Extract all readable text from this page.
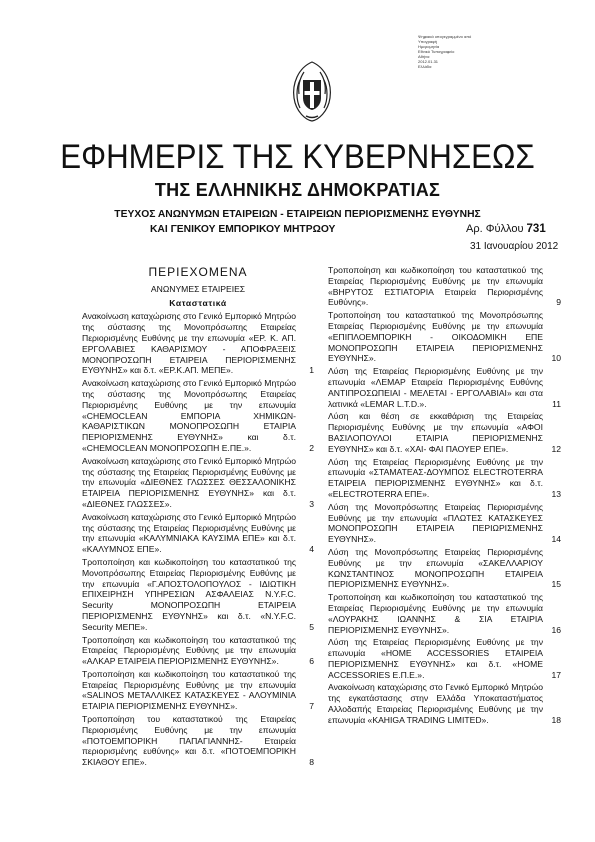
Ψηφιακά υπογεγραμμένο από
Υπογραφή
Ημερομηνία
Εθνικό Τυπογραφείο
Αθήνα
2012.01.31
Ελλάδα
ΕΦΗΜΕΡΙΣ ΤΗΣ ΚΥΒΕΡΝΗΣΕΩΣ
ΤΗΣ ΕΛΛΗΝΙΚΗΣ ΔΗΜΟΚΡΑΤΙΑΣ
ΤΕΥΧΟΣ ΑΝΩΝΥΜΩΝ ΕΤΑΙΡΕΙΩΝ - ΕΤΑΙΡΕΙΩΝ ΠΕΡΙΟΡΙΣΜΕΝΗΣ ΕΥΘΥΝΗΣ
ΚΑΙ ΓΕΝΙΚΟΥ ΕΜΠΟΡΙΚΟΥ ΜΗΤΡΩΟΥ	Αρ. Φύλλου 731
31 Ιανουαρίου 2012
ΠΕΡΙΕΧΟΜΕΝΑ
ΑΝΩΝΥΜΕΣ ΕΤΑΙΡΕΙΕΣ
Καταστατικά
Ανακοίνωση καταχώρισης στο Γενικό Εμπορικό Μητρώο της σύστασης της Μονοπρόσωπης Εταιρείας Περιορισμένης Ευθύνης με την επωνυμία «ΕΡ. Κ. ΑΠ. ΕΡΓΟΛΑΒΙΕΣ ΚΑΘΑΡΙΣΜΟΥ - ΑΠΟΦΡΑΞΕΙΣ ΜΟΝΟΠΡΟΣΩΠΗ ΕΤΑΙΡΕΙΑ ΠΕΡΙΟΡΙΣΜΕΝΗΣ ΕΥΘΥΝΗΣ» και δ.τ. «ΕΡ.Κ.ΑΠ. ΜΕΠΕ».	1
Ανακοίνωση καταχώρισης στο Γενικό Εμπορικό Μητρώο της σύστασης της Μονοπρόσωπης Εταιρείας Περιορισμένης Ευθύνης με την επωνυμία «CHEMOCLEAN ΕΜΠΟΡΙΑ ΧΗΜΙΚΩΝ-ΚΑΘΑΡΙΣΤΙΚΩΝ ΜΟΝΟΠΡΟΣΩΠΗ ΕΤΑΙΡΙΑ ΠΕΡΙΟΡΙΣΜΕΝΗΣ ΕΥΘΥΝΗΣ» και δ.τ. «CHEMOCLEAN ΜΟΝΟΠΡΟΣΩΠΗ Ε.ΠΕ.».	2
Ανακοίνωση καταχώρισης στο Γενικό Εμπορικό Μητρώο της σύστασης της Εταιρείας Περιορισμένης Ευθύνης με την επωνυμία «ΔΙΕΘΝΕΣ ΓΛΩΣΣΕΣ ΘΕΣΣΑΛΟΝΙΚΗΣ ΕΤΑΙΡΕΙΑ ΠΕΡΙΟΡΙΣΜΕΝΗΣ ΕΥΘΥΝΗΣ» και δ.τ. «ΔΙΕΘΝΕΣ ΓΛΩΣΣΕΣ».	3
Ανακοίνωση καταχώρισης στο Γενικό Εμπορικό Μητρώο της σύστασης της Εταιρείας Περιορισμένης Ευθύνης με την επωνυμία «ΚΑΛΥΜΝΙΑΚΑ ΚΑΥΣΙΜΑ ΕΠΕ» και δ.τ. «ΚΑΛΥΜΝΟΣ ΕΠΕ».	4
Τροποποίηση και κωδικοποίηση του καταστατικού της Μονοπρόσωπης Εταιρείας Περιορισμένης Ευθύνης με την επωνυμία «Γ.ΑΠΟΣΤΟΛΟΠΟΥΛΟΣ - ΙΔΙΩΤΙΚΗ ΕΠΙΧΕΙΡΗΣΗ ΥΠΗΡΕΣΙΩΝ ΑΣΦΑΛΕΙΑΣ N.Y.F.C. Security ΜΟΝΟΠΡΟΣΩΠΗ ΕΤΑΙΡΕΙΑ ΠΕΡΙΟΡΙΣΜΕΝΗΣ ΕΥΘΥΝΗΣ» και δ.τ. «N.Y.F.C. Security ΜΕΠΕ».	5
Τροποποίηση και κωδικοποίηση του καταστατικού της Εταιρείας Περιορισμένης Ευθύνης με την επωνυμία «ΑΛΚΑΡ ΕΤΑΙΡΕΙΑ ΠΕΡΙΟΡΙΣΜΕΝΗΣ ΕΥΘΥΝΗΣ».	6
Τροποποίηση και κωδικοποίηση του καταστατικού της Εταιρείας Περιορισμένης Ευθύνης με την επωνυμία «SALINOS ΜΕΤΑΛΛΙΚΕΣ ΚΑΤΑΣΚΕΥΕΣ - ΑΛΟΥΜΙΝΙΑ ΕΤΑΙΡΙΑ ΠΕΡΙΟΡΙΣΜΕΝΗΣ ΕΥΘΥΝΗΣ».	7
Τροποποίηση του καταστατικού της Εταιρείας Περιορισμένης Ευθύνης με την επωνυμία «ΠΟΤΟΕΜΠΟΡΙΚΗ ΠΑΠΑΓΙΑΝΝΗΣ- Εταιρεία περιορισμένης ευθύνης» και δ.τ. «ΠΟΤΟΕΜΠΟΡΙΚΗ ΣΚΙΑΘΟΥ ΕΠΕ».	8
Τροποποίηση και κωδικοποίηση του καταστατικού της Εταιρείας Περιορισμένης Ευθύνης με την επωνυμία «ΒΗΡΥΤΟΣ ΕΣΤΙΑΤΟΡΙΑ Εταιρεία Περιορισμένης Ευθύνης».	9
Τροποποίηση του καταστατικού της Μονοπρόσωπης Εταιρείας Περιορισμένης Ευθύνης με την επωνυμία «ΕΠΙΠΛΟΕΜΠΟΡΙΚΗ - ΟΙΚΟΔΟΜΙΚΗ ΕΠΕ ΜΟΝΟΠΡΟΣΩΠΗ ΕΤΑΙΡΕΙΑ ΠΕΡΙΟΡΙΣΜΕΝΗΣ ΕΥΘΥΝΗΣ».	10
Λύση της Εταιρείας Περιορισμένης Ευθύνης με την επωνυμία «ΛΕΜΑΡ Εταιρεία Περιορισμένης Ευθύνης ΑΝΤΙΠΡΟΣΩΠΕΙΑΙ - ΜΕΛΕΤΑΙ - ΕΡΓΟΛΑΒΙΑΙ» και στα λατινικά «LEMAR L.T.D.».	11
Λύση και θέση σε εκκαθάριση της Εταιρείας Περιορισμένης Ευθύνης με την επωνυμία «ΑΦΟΙ ΒΑΣΙΛΟΠΟΥΛΟΙ ΕΤΑΙΡΙΑ ΠΕΡΙΟΡΙΣΜΕΝΗΣ ΕΥΘΥΝΗΣ» και δ.τ. «ΧΑΙ- ΦΑΙ ΠΑΟΥΕΡ ΕΠΕ».	12
Λύση της Εταιρείας Περιορισμένης Ευθύνης με την επωνυμία «ΣΤΑΜΑΤΕΑΣ-ΔΟΥΜΠΟΣ ELECTROTERRA ΕΤΑΙΡΕΙΑ ΠΕΡΙΟΡΙΣΜΕΝΗΣ ΕΥΘΥΝΗΣ» και δ.τ. «ELECTROTERRA ΕΠΕ».	13
Λύση της Μονοπρόσωπης Εταιρείας Περιορισμένης Ευθύνης με την επωνυμία «ΠΛΩΤΕΣ ΚΑΤΑΣΚΕΥΕΣ ΜΟΝΟΠΡΟΣΩΠΗ ΕΤΑΙΡΕΙΑ ΠΕΡΙΩΡΙΣΜΕΝΗΣ ΕΥΘΥΝΗΣ».	14
Λύση της Μονοπρόσωπης Εταιρείας Περιορισμένης Ευθύνης με την επωνυμία «ΣΑΚΕΛΛΑΡΙΟΥ ΚΩΝΣΤΑΝΤΙΝΟΣ ΜΟΝΟΠΡΟΣΩΠΗ ΕΤΑΙΡΕΙΑ ΠΕΡΙΟΡΙΣΜΕΝΗΣ ΕΥΘΥΝΗΣ».	15
Τροποποίηση και κωδικοποίηση του καταστατικού της Εταιρείας Περιορισμένης Ευθύνης με την επωνυμία «ΛΟΥΡΑΚΗΣ ΙΩΑΝΝΗΣ & ΣΙΑ ΕΤΑΙΡΙΑ ΠΕΡΙΟΡΙΣΜΕΝΗΣ ΕΥΘΥΝΗΣ».	16
Λύση της Εταιρείας Περιορισμένης Ευθύνης με την επωνυμία «HOME ACCESSORIES ΕΤΑΙΡΕΙΑ ΠΕΡΙΟΡΙΣΜΕΝΗΣ ΕΥΘΥΝΗΣ» και δ.τ. «HOME ACCESSORIES Ε.Π.Ε.».	17
Ανακοίνωση καταχώρισης στο Γενικό Εμπορικό Μητρώο της εγκατάστασης στην Ελλάδα Υποκαταστήματος Αλλοδαπής Εταιρείας Περιορισμένης Ευθύνης με την επωνυμία «KAHIGA TRADING LIMITED».	18
